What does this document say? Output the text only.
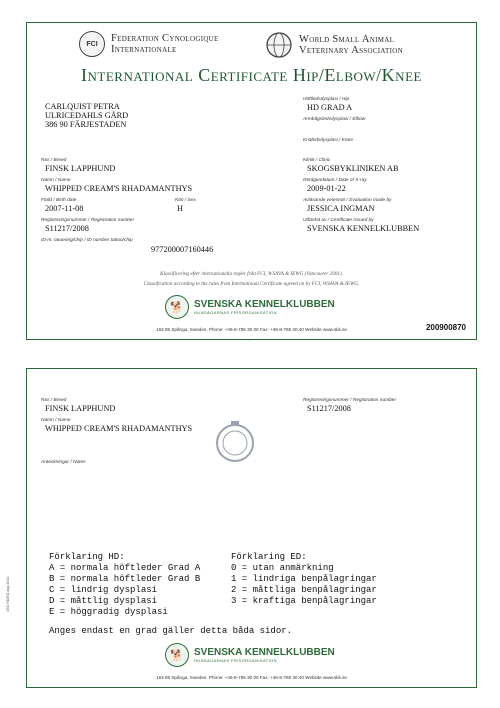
FCI	Federation Cynologique
Internationale
World Small Animal
Veterinary Association
International Certificate Hip/Elbow/Knee
CARLQUIST PETRA
ULRICEDAHLS GÅRD
386 90 FÄRJESTADEN
Höftledsdysplasi / Hip
HD GRAD A
Armbågsledsdysplasi / Elbow
Knäledsdysplasi / Knee
Ras / Breed
FINSK LAPPHUND
Namn / Name
WHIPPED CREAM'S RHADAMANTHYS
Född / Birth date
2007-11-08
Kön / Sex
H
Registreringsnummer / Registration number
S11217/2008
ID-nr. tatuering/chip / ID number tattoo/chip
977200007160446
Klinik / Clinic
SKOGSBYKLINIKEN AB
Röntgendatum / Date of X-ray
2009-01-22
Avläsande veterinär / Evaluation made by
JESSICA INGMAN
Utfärdat av / Certificate issued by
SVENSKA KENNELKLUBBEN
Klassificering efter internationella regler från FCI, WSAVA & IEWG (Vancouver 2001).
Classification according to the rules from International Certificate agreed on by FCI, WSAVA & IEWG.
🐕	SVENSKA KENNELKLUBBEN
HUNDÄGARNAS FRISORGANISATION
163 85 Spånga, Sweden. Phone: +46-8-795 30 00 Fax: +46-8-795 30 40 Website www.skk.se	200900870
Ras / Breed
FINSK LAPPHUND
Namn / Name
WHIPPED CREAM'S RHADAMANTHYS
Registreringsnummer / Registration number
S11217/2008
Anteckningar / Notes
Förklaring HD:
A = normala höftleder Grad A
B = normala höftleder Grad B
C = lindrig dysplasi
D = måttlig dysplasi
E = höggradig dysplasi
Förklaring ED:
0 = utan anmärkning
1 = lindriga benpålagringar
2 = måttliga benpålagringar
3 = kraftiga benpålagringar
Anges endast en grad gäller detta båda sidor.
🐕	SVENSKA KENNELKLUBBEN
HUNDÄGARNAS FRISORGANISATION
163 85 Spånga, Sweden. Phone: +46-8-795 30 00 Fax: +46-8-795 30 40 Website www.skk.se
4SG HD/ED aug 2013
